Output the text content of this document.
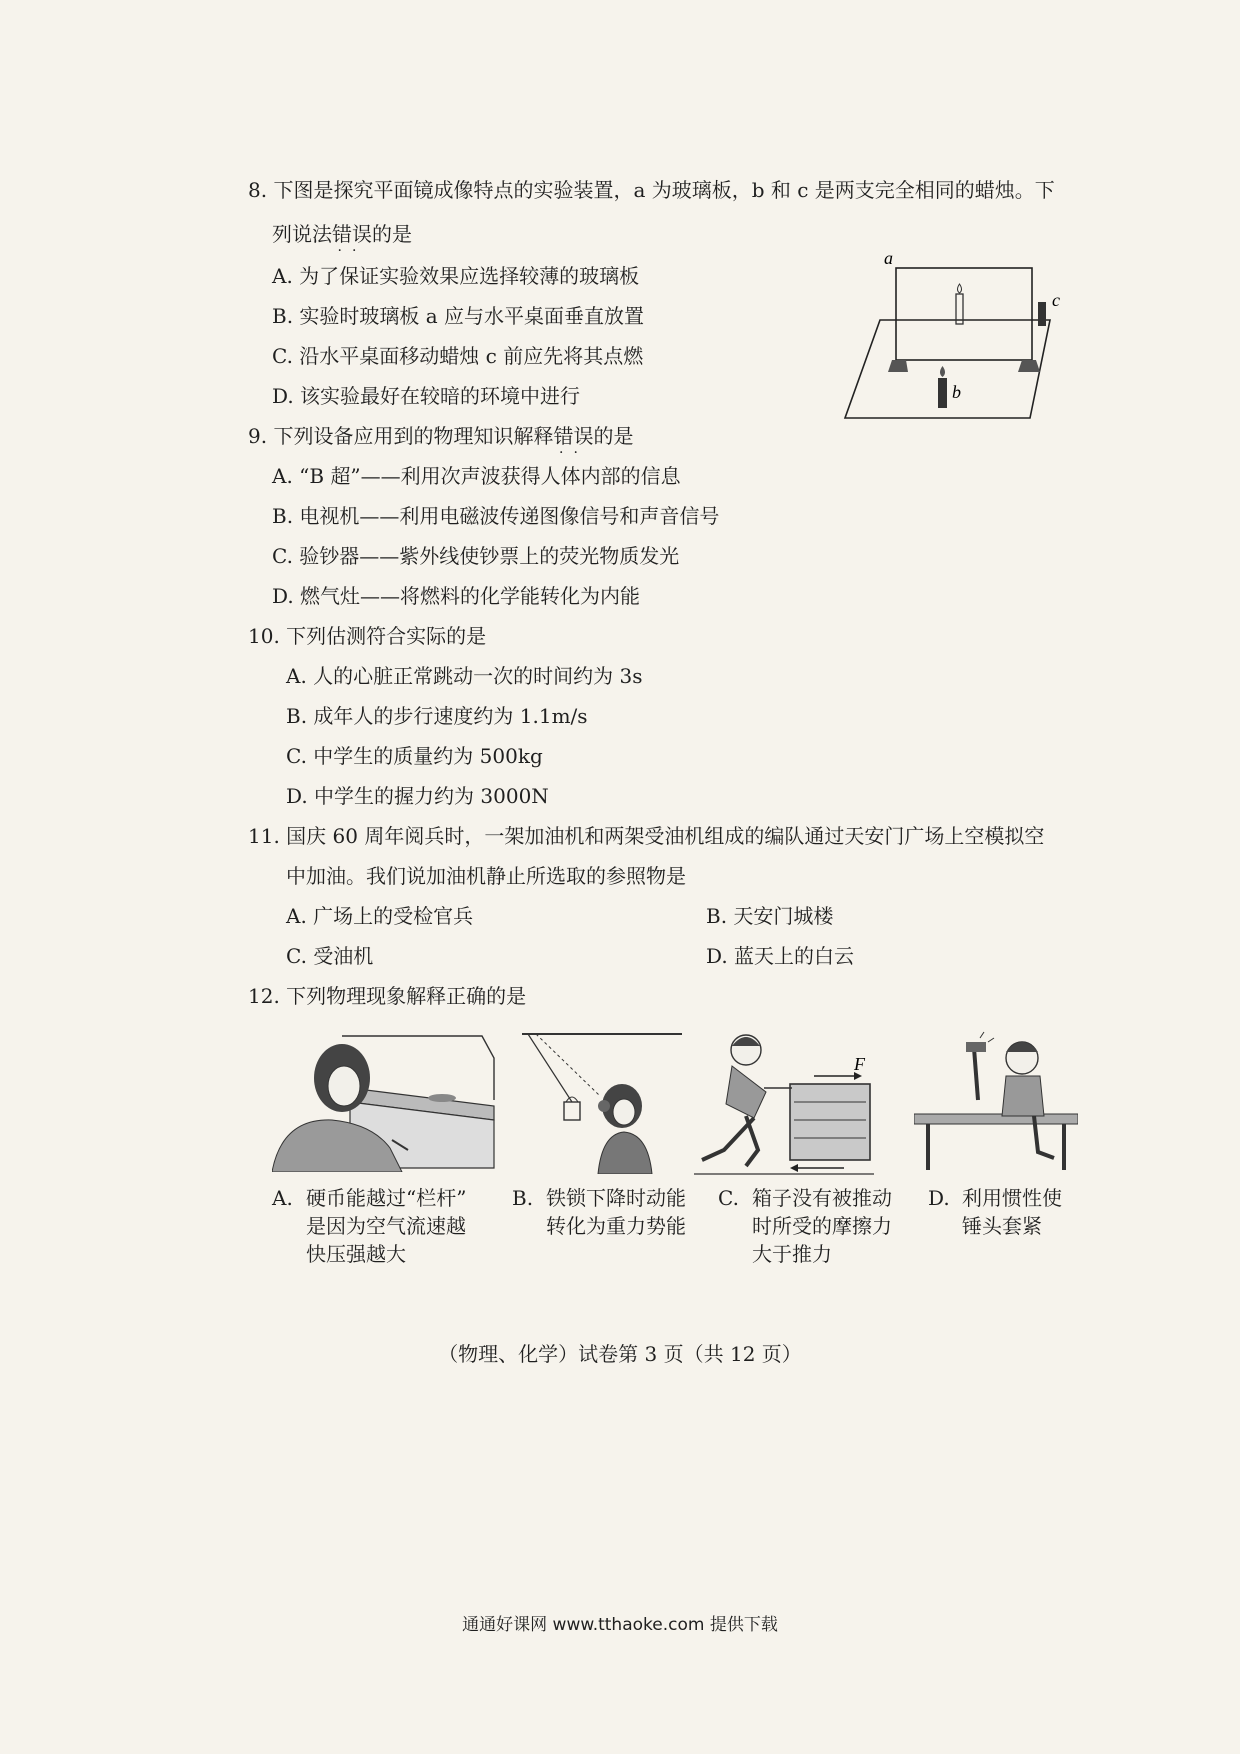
8. 下图是探究平面镜成像特点的实验装置，a 为玻璃板，b 和 c 是两支完全相同的蜡烛。下
列说法错误
··
的是
A. 为了保证实验效果应选择较薄的玻璃板
B. 实验时玻璃板 a 应与水平桌面垂直放置
C. 沿水平桌面移动蜡烛 c 前应先将其点燃
D. 该实验最好在较暗的环境中进行
a
c
b
9. 下列设备应用到的物理知识解释错误
··
的是
A. “B 超”——利用次声波获得人体内部的信息
B. 电视机——利用电磁波传递图像信号和声音信号
C. 验钞器——紫外线使钞票上的荧光物质发光
D. 燃气灶——将燃料的化学能转化为内能
10. 下列估测符合实际的是
A. 人的心脏正常跳动一次的时间约为 3s
B. 成年人的步行速度约为 1.1m/s
C. 中学生的质量约为 500kg
D. 中学生的握力约为 3000N
11. 国庆 60 周年阅兵时，一架加油机和两架受油机组成的编队通过天安门广场上空模拟空
中加油。我们说加油机静止所选取的参照物是
A. 广场上的受检官兵	B. 天安门城楼
C. 受油机	D. 蓝天上的白云
12. 下列物理现象解释正确的是
F
A. 硬币能越过“栏杆”
是因为空气流速越
快压强越大
B. 铁锁下降时动能
转化为重力势能
C. 箱子没有被推动
时所受的摩擦力
大于推力
D. 利用惯性使
锤头套紧
（物理、化学）试卷第 3 页（共 12 页）
通通好课网 www.tthaoke.com 提供下载
